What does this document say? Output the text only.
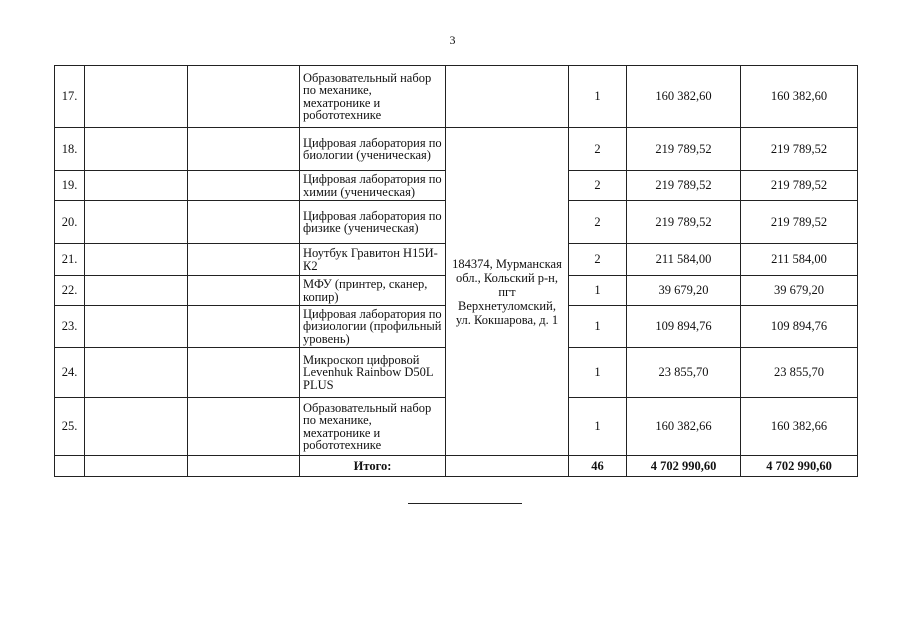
3
17.			Образовательный набор по механике, мехатронике и робототехнике		1	160 382,60	160 382,60
18.			Цифровая лаборатория по биологии (ученическая)	184374, Мурманская обл., Кольский р-н, пгт Верхнетуломский, ул. Кокшарова, д. 1	2	219 789,52	219 789,52
19.			Цифровая лаборатория по химии (ученическая)		2	219 789,52	219 789,52
20.			Цифровая лаборатория по физике (ученическая)		2	219 789,52	219 789,52
21.			Ноутбук Гравитон Н15И-К2		2	211 584,00	211 584,00
22.			МФУ (принтер, сканер, копир)		1	39 679,20	39 679,20
23.			Цифровая лаборатория по физиологии (профильный уровень)		1	109 894,76	109 894,76
24.			Микроскоп цифровой Levenhuk Rainbow D50L PLUS		1	23 855,70	23 855,70
25.			Образовательный набор по механике, мехатронике и робототехнике		1	160 382,66	160 382,66
			Итого:		46	4 702 990,60	4 702 990,60
